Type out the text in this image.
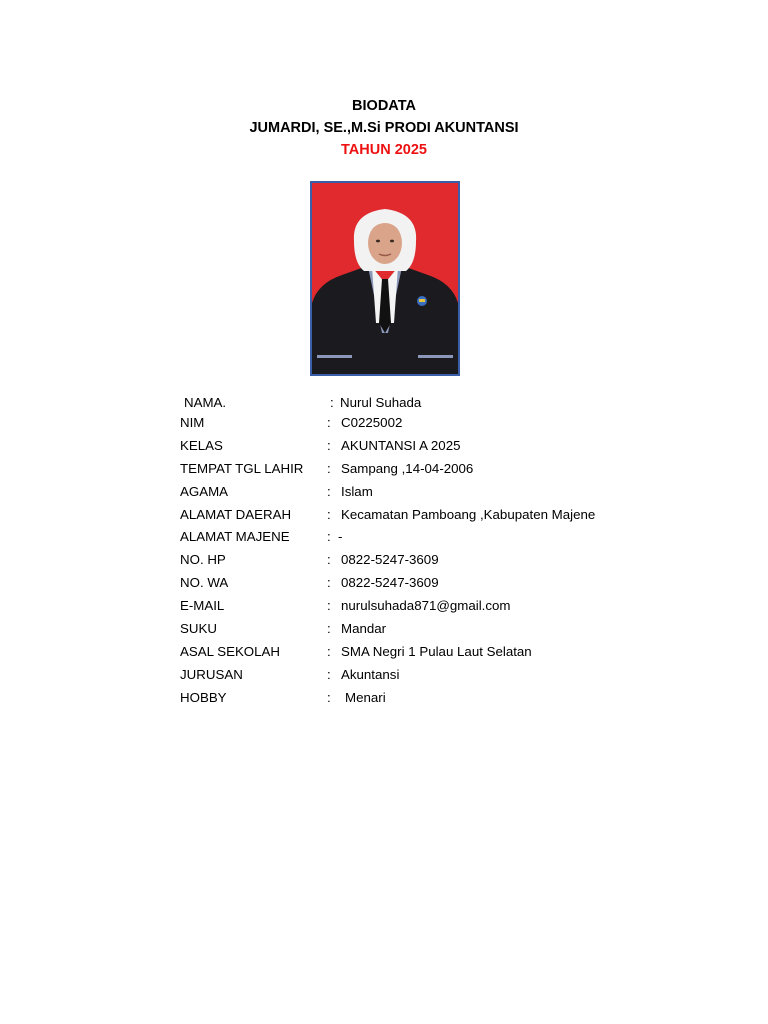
BIODATA
JUMARDI, SE.,M.Si PRODI AKUNTANSI
TAHUN 2025
NAMA.	: Nurul Suhada
NIM	: C0225002
KELAS	: AKUNTANSI A 2025
TEMPAT TGL LAHIR : Sampang ,14-04-2006
AGAMA	: Islam
ALAMAT DAERAH	: Kecamatan Pamboang ,Kabupaten Majene
ALAMAT MAJENE	: -
NO. HP	: 0822-5247-3609
NO. WA	: 0822-5247-3609
E-MAIL	: nurulsuhada871@gmail.com
SUKU	: Mandar
ASAL SEKOLAH	: SMA Negri 1 Pulau Laut Selatan
JURUSAN	: Akuntansi
HOBBY	: Menari
